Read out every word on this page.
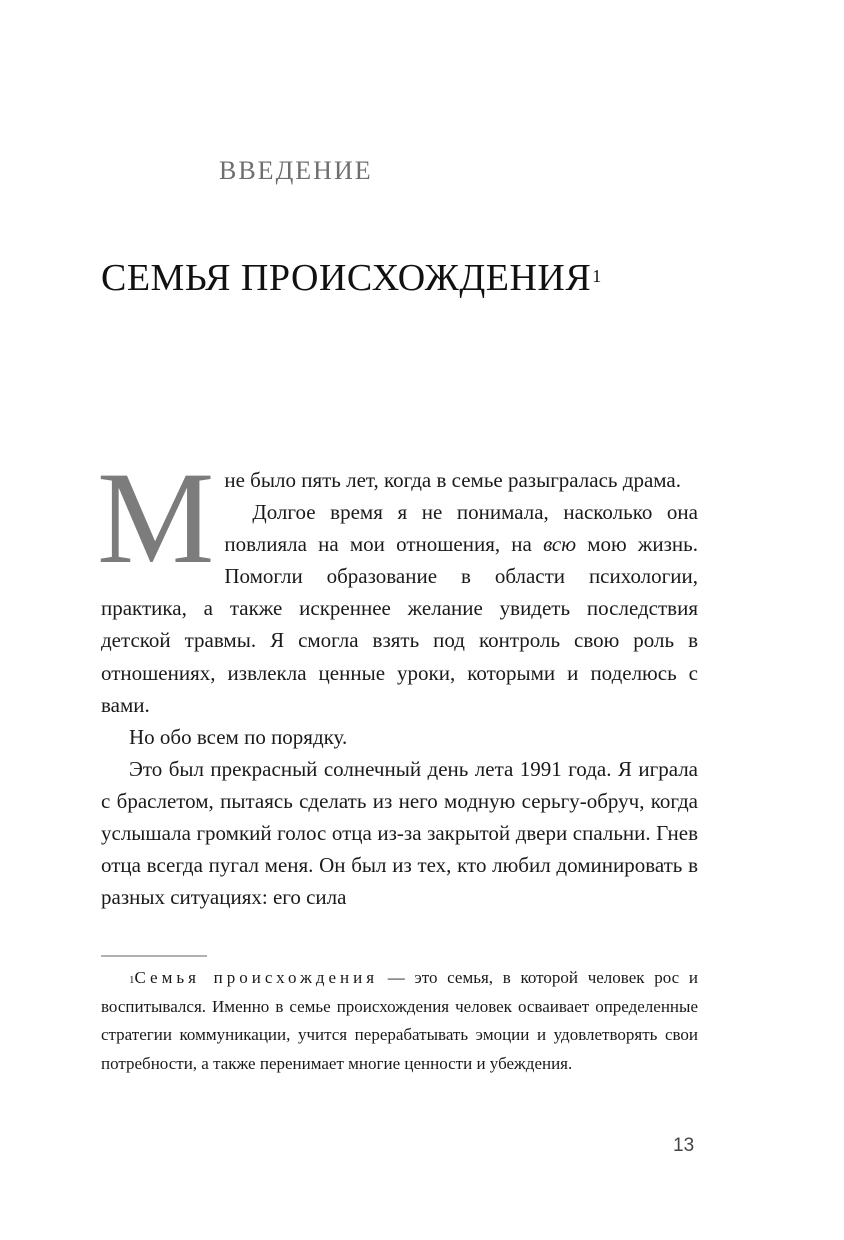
ВВЕДЕНИЕ
СЕМЬЯ ПРОИСХОЖДЕНИЯ$^1$

Мне было пять лет, когда в семье разыгралась драма.

Долгое время я не понимала, насколько она повлияла на мои отношения, на всю мою жизнь. Помогли образование в области психологии, практика, а также искреннее желание увидеть последствия детской травмы. Я смогла взять под контроль свою роль в отношениях, извлекла ценные уроки, которыми и поделюсь с вами.

Но обо всем по порядку.

Это был прекрасный солнечный день лета 1991 года. Я играла с браслетом, пытаясь сделать из него модную серьгу-обруч, когда услышала громкий голос отца из-за закрытой двери спальни. Гнев отца всегда пугал меня. Он был из тех, кто любил доминировать в разных ситуациях: его сила

$^1$Семья происхождения — это семья, в которой человек рос и воспитывался. Именно в семье происхождения человек осваивает определенные стратегии коммуникации, учится перерабатывать эмоции и удовлетворять свои потребности, а также перенимает многие ценности и убеждения.

13
